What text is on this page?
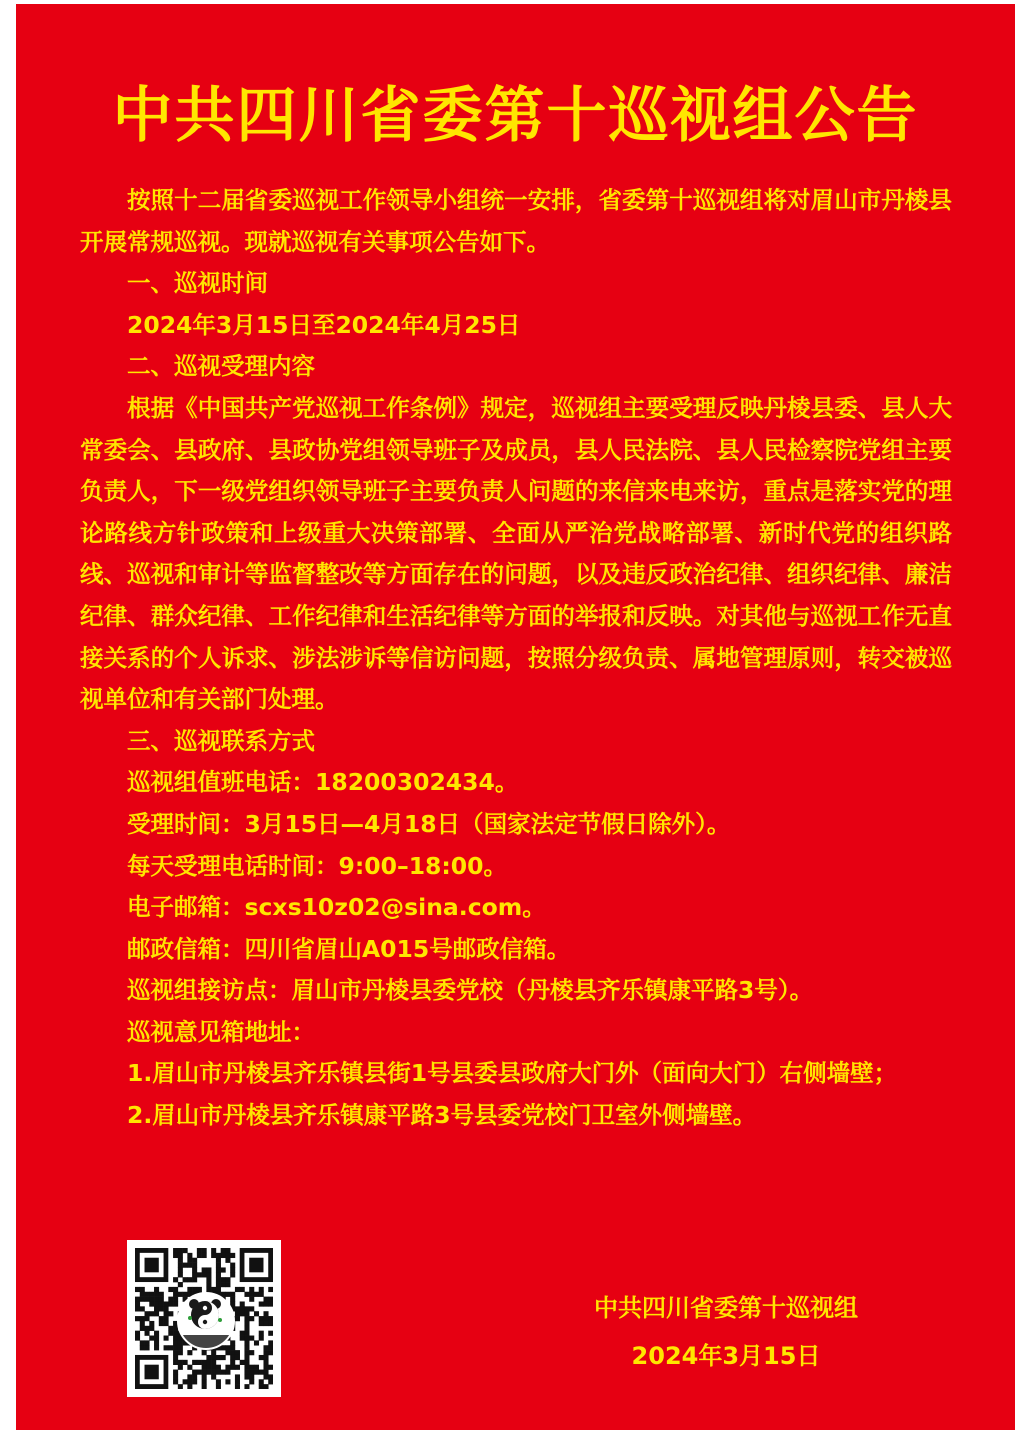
中共四川省委第十巡视组公告

按照十二届省委巡视工作领导小组统一安排，省委第十巡视组将对眉山市丹棱县开展常规巡视。现就巡视有关事项公告如下。

一、巡视时间

2024年3月15日至2024年4月25日

二、巡视受理内容

根据《中国共产党巡视工作条例》规定，巡视组主要受理反映丹棱县委、县人大常委会、县政府、县政协党组领导班子及成员，县人民法院、县人民检察院党组主要负责人，下一级党组织领导班子主要负责人问题的来信来电来访，重点是落实党的理论路线方针政策和上级重大决策部署、全面从严治党战略部署、新时代党的组织路线、巡视和审计等监督整改等方面存在的问题，以及违反政治纪律、组织纪律、廉洁纪律、群众纪律、工作纪律和生活纪律等方面的举报和反映。对其他与巡视工作无直接关系的个人诉求、涉法涉诉等信访问题，按照分级负责、属地管理原则，转交被巡视单位和有关部门处理。

三、巡视联系方式

巡视组值班电话：18200302434。

受理时间：3月15日—4月18日（国家法定节假日除外）。

每天受理电话时间：9:00–18:00。

电子邮箱：scxs10z02@sina.com。

邮政信箱：四川省眉山A015号邮政信箱。

巡视组接访点：眉山市丹棱县委党校（丹棱县齐乐镇康平路3号）。

巡视意见箱地址：

1.眉山市丹棱县齐乐镇县街1号县委县政府大门外（面向大门）右侧墙壁；

2.眉山市丹棱县齐乐镇康平路3号县委党校门卫室外侧墙壁。

中共四川省委第十巡视组
2024年3月15日
